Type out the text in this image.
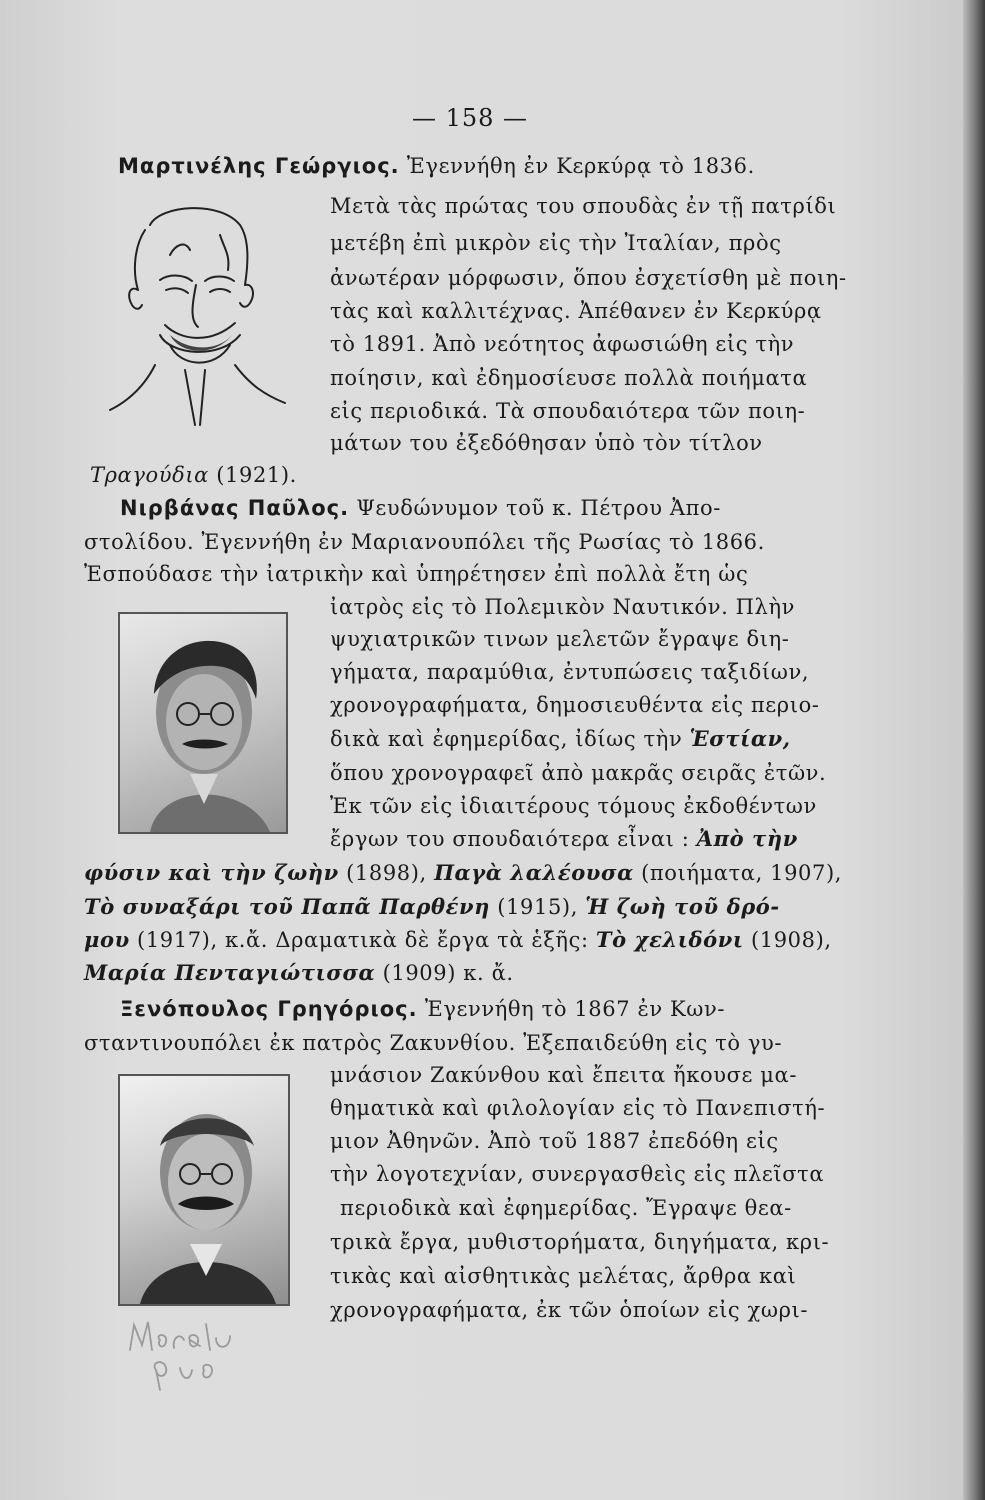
— 158 —
Μαρτινέλης Γεώργιος. Ἐγεννήθη ἐν Κερκύρᾳ τὸ 1836.
Μετὰ τὰς πρώτας του σπουδὰς ἐν τῇ πατρίδι
μετέβη ἐπὶ μικρὸν εἰς τὴν Ἰταλίαν, πρὸς
ἀνωτέραν μόρφωσιν, ὅπου ἐσχετίσθη μὲ ποιη-
τὰς καὶ καλλιτέχνας. Ἀπέθανεν ἐν Κερκύρᾳ
τὸ 1891. Ἀπὸ νεότητος ἀφωσιώθη εἰς τὴν
ποίησιν, καὶ ἐδημοσίευσε πολλὰ ποιήματα
εἰς περιοδικά. Τὰ σπουδαιότερα τῶν ποιη-
μάτων του ἐξεδόθησαν ὑπὸ τὸν τίτλον
Τραγούδια (1921).
Νιρβάνας Παῦλος. Ψευδώνυμον τοῦ κ. Πέτρου Ἀπο-
στολίδου. Ἐγεννήθη ἐν Μαριανουπόλει τῆς Ρωσίας τὸ 1866.
Ἐσπούδασε τὴν ἰατρικὴν καὶ ὑπηρέτησεν ἐπὶ πολλὰ ἔτη ὡς
ἰατρὸς εἰς τὸ Πολεμικὸν Ναυτικόν. Πλὴν
ψυχιατρικῶν τινων μελετῶν ἔγραψε διη-
γήματα, παραμύθια, ἐντυπώσεις ταξιδίων,
χρονογραφήματα, δημοσιευθέντα εἰς περιο-
δικὰ καὶ ἐφημερίδας, ἰδίως τὴν Ἑστίαν,
ὅπου χρονογραφεῖ ἀπὸ μακρᾶς σειρᾶς ἐτῶν.
Ἐκ τῶν εἰς ἰδιαιτέρους τόμους ἐκδοθέντων
ἔργων του σπουδαιότερα εἶναι : Ἀπὸ τὴν
φύσιν καὶ τὴν ζωὴν (1898), Παγὰ λαλέουσα (ποιήματα, 1907),
Τὸ συναξάρι τοῦ Παπᾶ Παρθένη (1915), Ἡ ζωὴ τοῦ δρό-
μου (1917), κ.ἄ. Δραματικὰ δὲ ἔργα τὰ ἑξῆς: Τὸ χελιδόνι (1908),
Μαρία Πενταγιώτισσα (1909) κ. ἄ.
Ξενόπουλος Γρηγόριος. Ἐγεννήθη τὸ 1867 ἐν Κων-
σταντινουπόλει ἐκ πατρὸς Ζακυνθίου. Ἐξεπαιδεύθη εἰς τὸ γυ-
μνάσιον Ζακύνθου καὶ ἔπειτα ἤκουσε μα-
θηματικὰ καὶ φιλολογίαν εἰς τὸ Πανεπιστή-
μιον Ἀθηνῶν. Ἀπὸ τοῦ 1887 ἐπεδόθη εἰς
τὴν λογοτεχνίαν, συνεργασθεὶς εἰς πλεῖστα
περιοδικὰ καὶ ἐφημερίδας. Ἔγραψε θεα-
τρικὰ ἔργα, μυθιστορήματα, διηγήματα, κρι-
τικὰς καὶ αἰσθητικὰς μελέτας, ἄρθρα καὶ
χρονογραφήματα, ἐκ τῶν ὁποίων εἰς χωρι-
